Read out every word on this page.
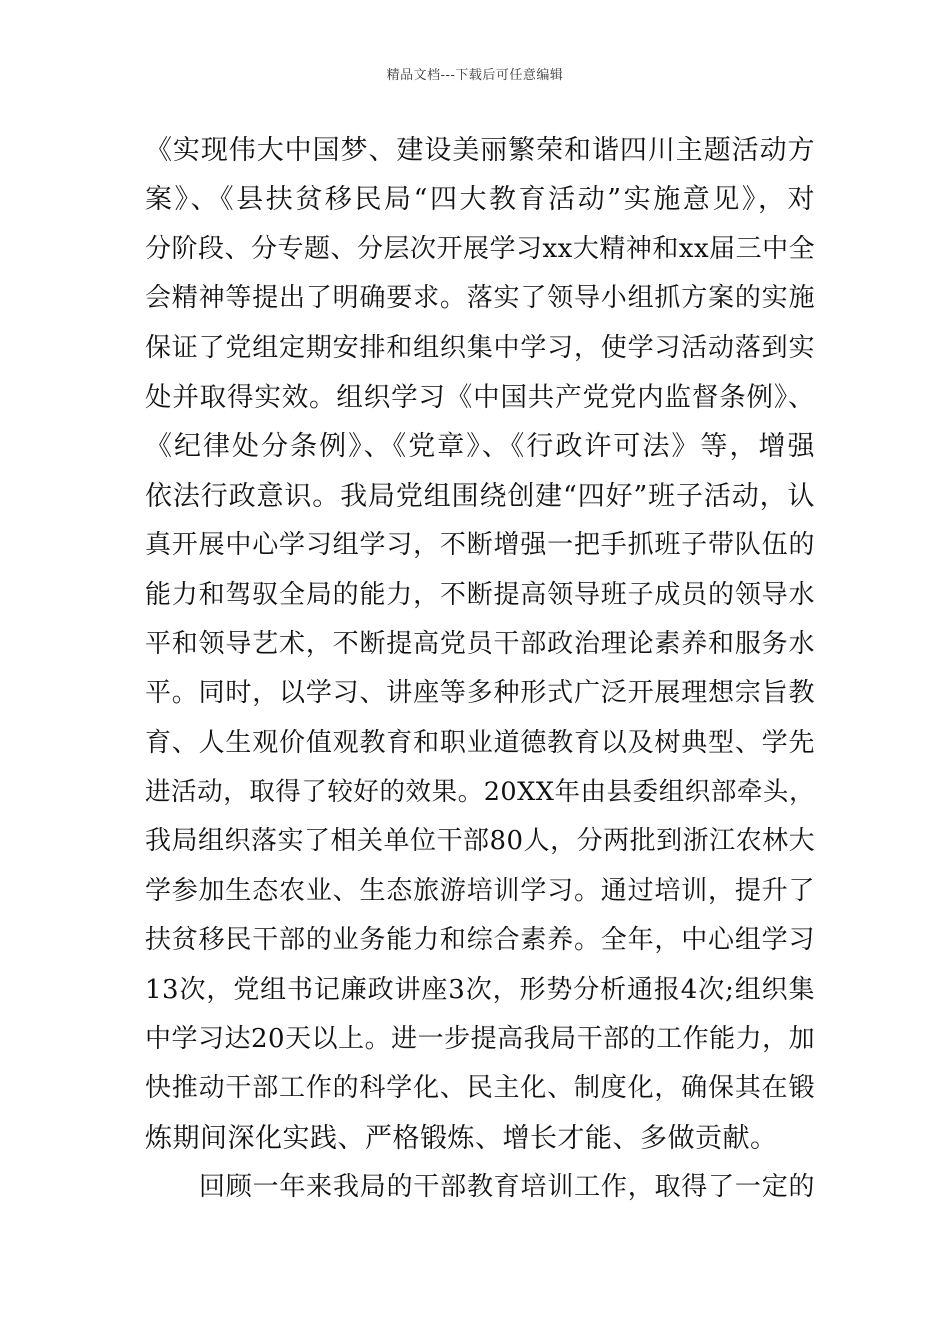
精品文档---下载后可任意编辑
《实现伟大中国梦、建设美丽繁荣和谐四川主题活动方
案》、《县扶贫移民局“四大教育活动”实施意见》，对
分阶段、分专题、分层次开展学习xx大精神和xx届三中全
会精神等提出了明确要求。落实了领导小组抓方案的实施
保证了党组定期安排和组织集中学习，使学习活动落到实
处并取得实效。组织学习《中国共产党党内监督条例》、
《纪律处分条例》、《党章》、《行政许可法》等，增强
依法行政意识。我局党组围绕创建“四好”班子活动，认
真开展中心学习组学习，不断增强一把手抓班子带队伍的
能力和驾驭全局的能力，不断提高领导班子成员的领导水
平和领导艺术，不断提高党员干部政治理论素养和服务水
平。同时，以学习、讲座等多种形式广泛开展理想宗旨教
育、人生观价值观教育和职业道德教育以及树典型、学先
进活动，取得了较好的效果。20XX年由县委组织部牵头，
我局组织落实了相关单位干部80人，分两批到浙江农林大
学参加生态农业、生态旅游培训学习。通过培训，提升了
扶贫移民干部的业务能力和综合素养。全年，中心组学习
13次，党组书记廉政讲座3次，形势分析通报4次;组织集
中学习达20天以上。进一步提高我局干部的工作能力，加
快推动干部工作的科学化、民主化、制度化，确保其在锻
炼期间深化实践、严格锻炼、增长才能、多做贡献。
回顾一年来我局的干部教育培训工作，取得了一定的
